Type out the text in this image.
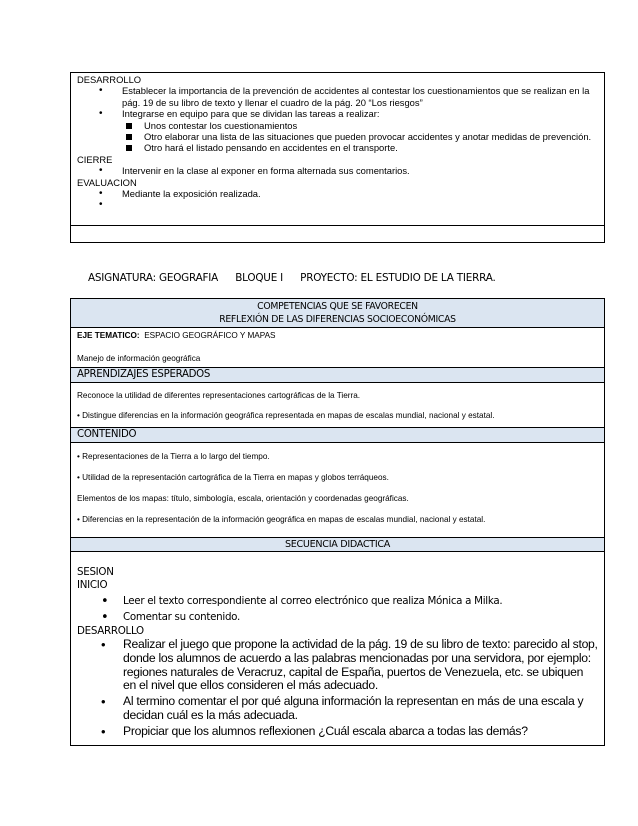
DESARROLLO
• Establecer la importancia de la prevención de accidentes al contestar los cuestionamientos que se realizan en la pág. 19 de su libro de texto y llenar el cuadro de la pág. 20 “Los riesgos”
• Integrarse en equipo para que se dividan las tareas a realizar:
Unos contestar los cuestionamientos
Otro elaborar una lista de las situaciones que pueden provocar accidentes y anotar medidas de prevención.
Otro hará el listado pensando en accidentes en el transporte.
CIERRE
• Intervenir en la clase al exponer en forma alternada sus comentarios.
EVALUACION
• Mediante la exposición realizada.
•
ASIGNATURA: GEOGRAFIA BLOQUE I PROYECTO: EL ESTUDIO DE LA TIERRA.
COMPETENCIAS QUE SE FAVORECEN
REFLEXIÓN DE LAS DIFERENCIAS SOCIOECONÓMICAS
EJE TEMATICO: ESPACIO GEOGRÁFICO Y MAPAS
Manejo de información geográfica
APRENDIZAJES ESPERADOS
Reconoce la utilidad de diferentes representaciones cartográficas de la Tierra.
• Distingue diferencias en la información geográfica representada en mapas de escalas mundial, nacional y estatal.
CONTENIDO
• Representaciones de la Tierra a lo largo del tiempo.
• Utilidad de la representación cartográfica de la Tierra en mapas y globos terráqueos.
Elementos de los mapas: título, simbología, escala, orientación y coordenadas geográficas.
• Diferencias en la representación de la información geográfica en mapas de escalas mundial, nacional y estatal.
SECUENCIA DIDACTICA

SESION

INICIO

• Leer el texto correspondiente al correo electrónico que realiza Mónica a Milka.
• Comentar su contenido.

DESARROLLO

• Realizar el juego que propone la actividad de la pág. 19 de su libro de texto: parecido al stop, donde los alumnos de acuerdo a las palabras mencionadas por una servidora, por ejemplo: regiones naturales de Veracruz, capital de España, puertos de Venezuela, etc. se ubiquen en el nivel que ellos consideren el más adecuado.
• Al termino comentar el por qué alguna información la representan en más de una escala y decidan cuál es la más adecuada.
• Propiciar que los alumnos reflexionen ¿Cuál escala abarca a todas las demás?
